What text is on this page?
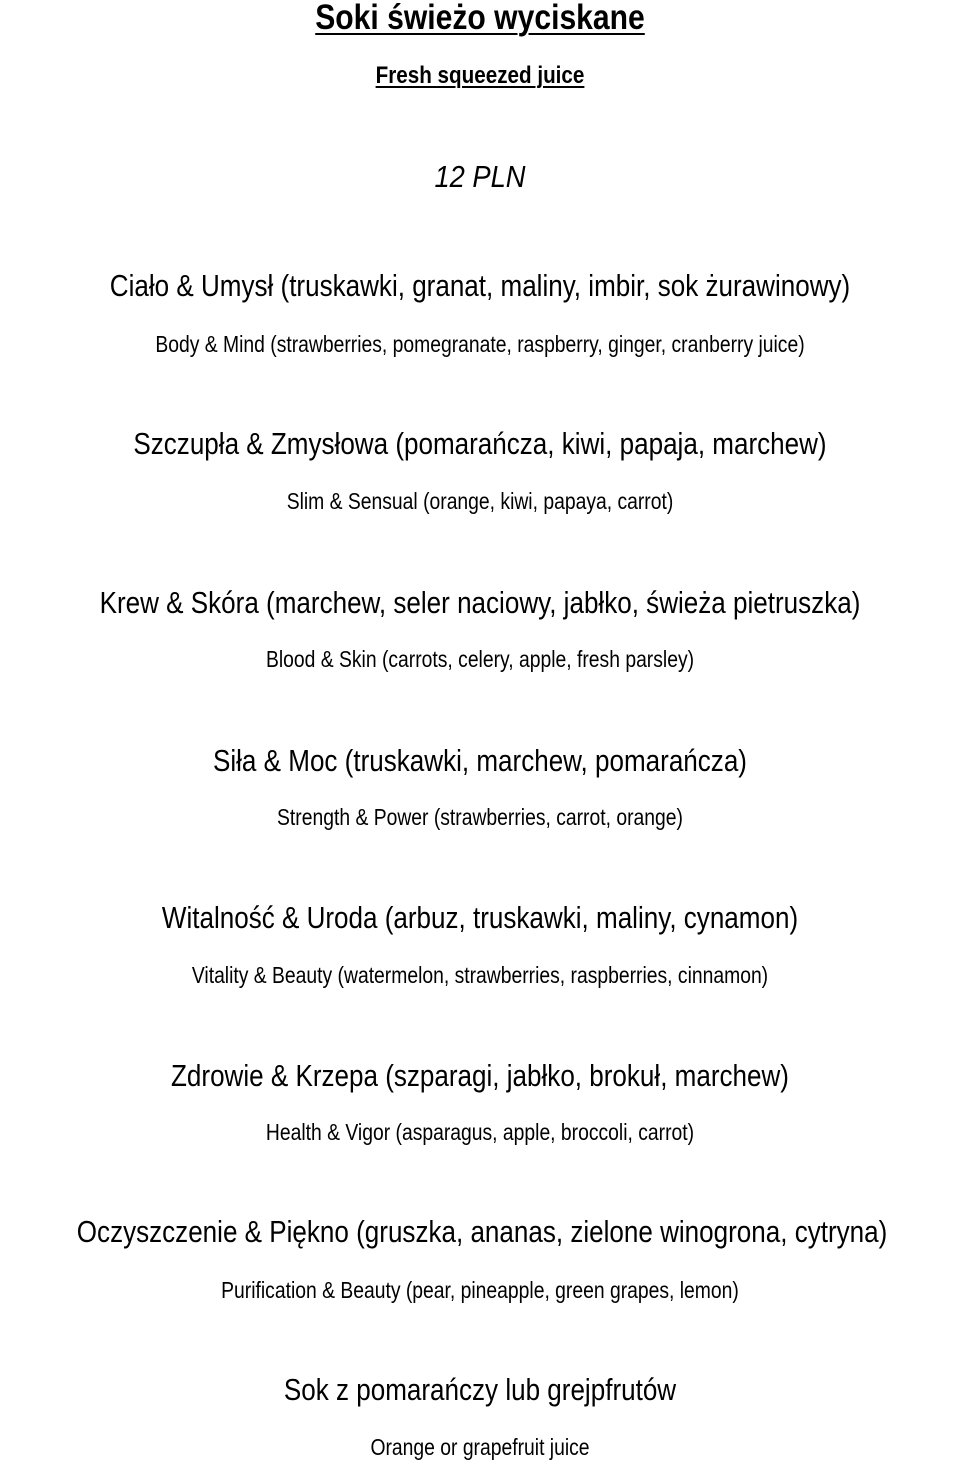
Soki świeżo wyciskane
Fresh squeezed juice
12 PLN
Ciało & Umysł (truskawki, granat, maliny, imbir, sok żurawinowy)
Body & Mind (strawberries, pomegranate, raspberry, ginger, cranberry juice)
Szczupła & Zmysłowa (pomarańcza, kiwi, papaja, marchew)
Slim & Sensual (orange, kiwi, papaya, carrot)
Krew & Skóra (marchew, seler naciowy, jabłko, świeża pietruszka)
Blood & Skin (carrots, celery, apple, fresh parsley)
Siła & Moc (truskawki, marchew, pomarańcza)
Strength & Power (strawberries, carrot, orange)
Witalność & Uroda (arbuz, truskawki, maliny, cynamon)
Vitality & Beauty (watermelon, strawberries, raspberries, cinnamon)
Zdrowie & Krzepa (szparagi, jabłko, brokuł, marchew)
Health & Vigor (asparagus, apple, broccoli, carrot)
Oczyszczenie & Piękno (gruszka, ananas, zielone winogrona, cytryna)
Purification & Beauty (pear, pineapple, green grapes, lemon)
Sok z pomarańczy lub grejpfrutów
Orange or grapefruit juice
